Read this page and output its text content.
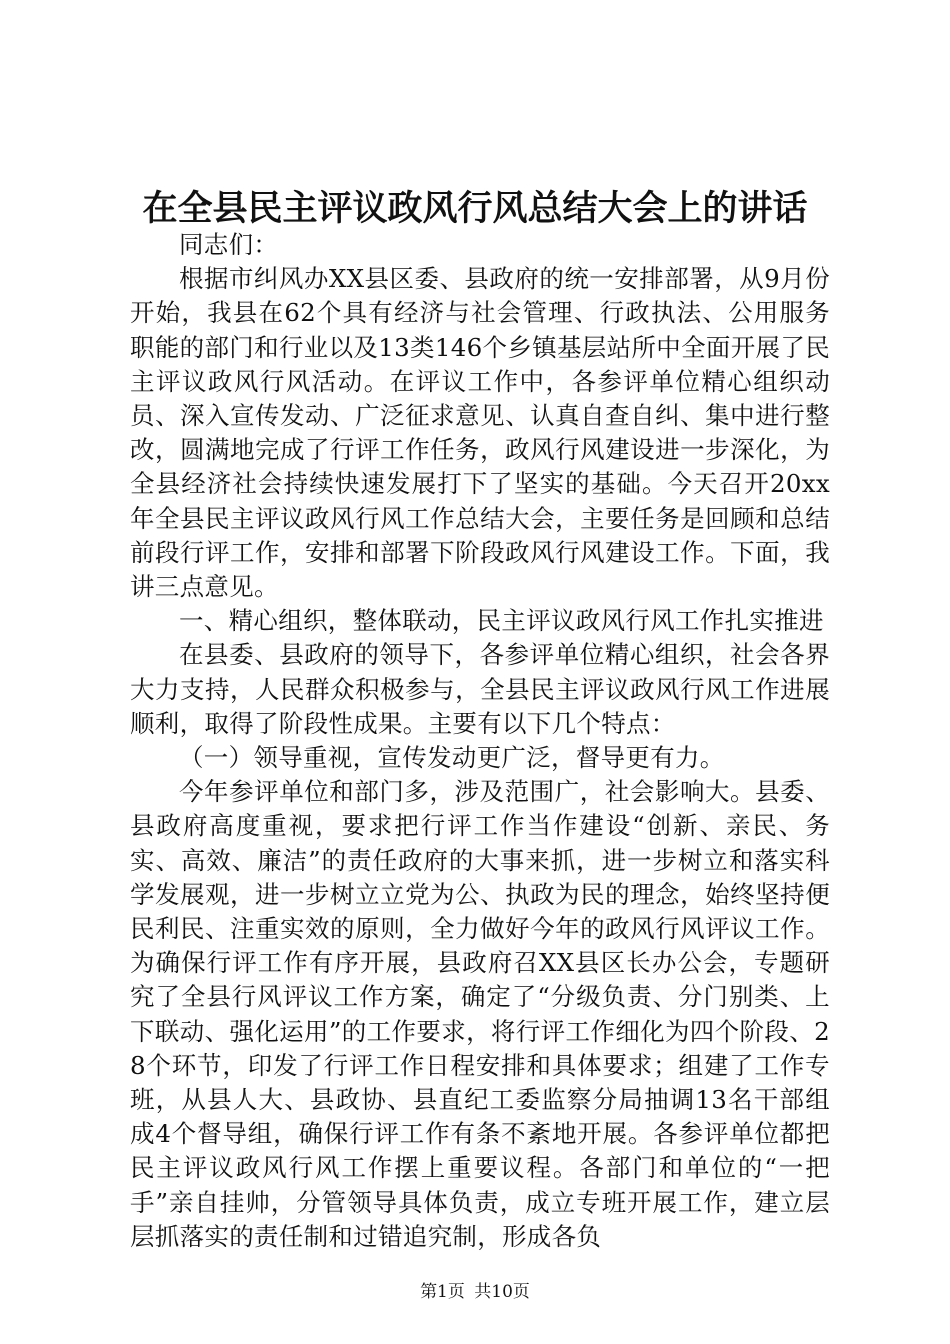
在全县民主评议政风行风总结大会上的讲话

同志们：

根据市纠风办XX县区委、县政府的统一安排部署，从9月份开始，我县在62个具有经济与社会管理、行政执法、公用服务职能的部门和行业以及13类146个乡镇基层站所中全面开展了民主评议政风行风活动。在评议工作中，各参评单位精心组织动员、深入宣传发动、广泛征求意见、认真自查自纠、集中进行整改，圆满地完成了行评工作任务，政风行风建设进一步深化，为全县经济社会持续快速发展打下了坚实的基础。今天召开20xx年全县民主评议政风行风工作总结大会，主要任务是回顾和总结前段行评工作，安排和部署下阶段政风行风建设工作。下面，我讲三点意见。

一、精心组织，整体联动，民主评议政风行风工作扎实推进

在县委、县政府的领导下，各参评单位精心组织，社会各界大力支持，人民群众积极参与，全县民主评议政风行风工作进展顺利，取得了阶段性成果。主要有以下几个特点：

（一）领导重视，宣传发动更广泛，督导更有力。

今年参评单位和部门多，涉及范围广，社会影响大。县委、县政府高度重视，要求把行评工作当作建设“创新、亲民、务实、高效、廉洁”的责任政府的大事来抓，进一步树立和落实科学发展观，进一步树立立党为公、执政为民的理念，始终坚持便民利民、注重实效的原则，全力做好今年的政风行风评议工作。为确保行评工作有序开展，县政府召XX县区长办公会，专题研究了全县行风评议工作方案，确定了“分级负责、分门别类、上下联动、强化运用”的工作要求，将行评工作细化为四个阶段、28个环节，印发了行评工作日程安排和具体要求；组建了工作专班，从县人大、县政协、县直纪工委监察分局抽调13名干部组成4个督导组，确保行评工作有条不紊地开展。各参评单位都把民主评议政风行风工作摆上重要议程。各部门和单位的“一把手”亲自挂帅，分管领导具体负责，成立专班开展工作，建立层层抓落实的责任制和过错追究制，形成各负

第1页 共10页
